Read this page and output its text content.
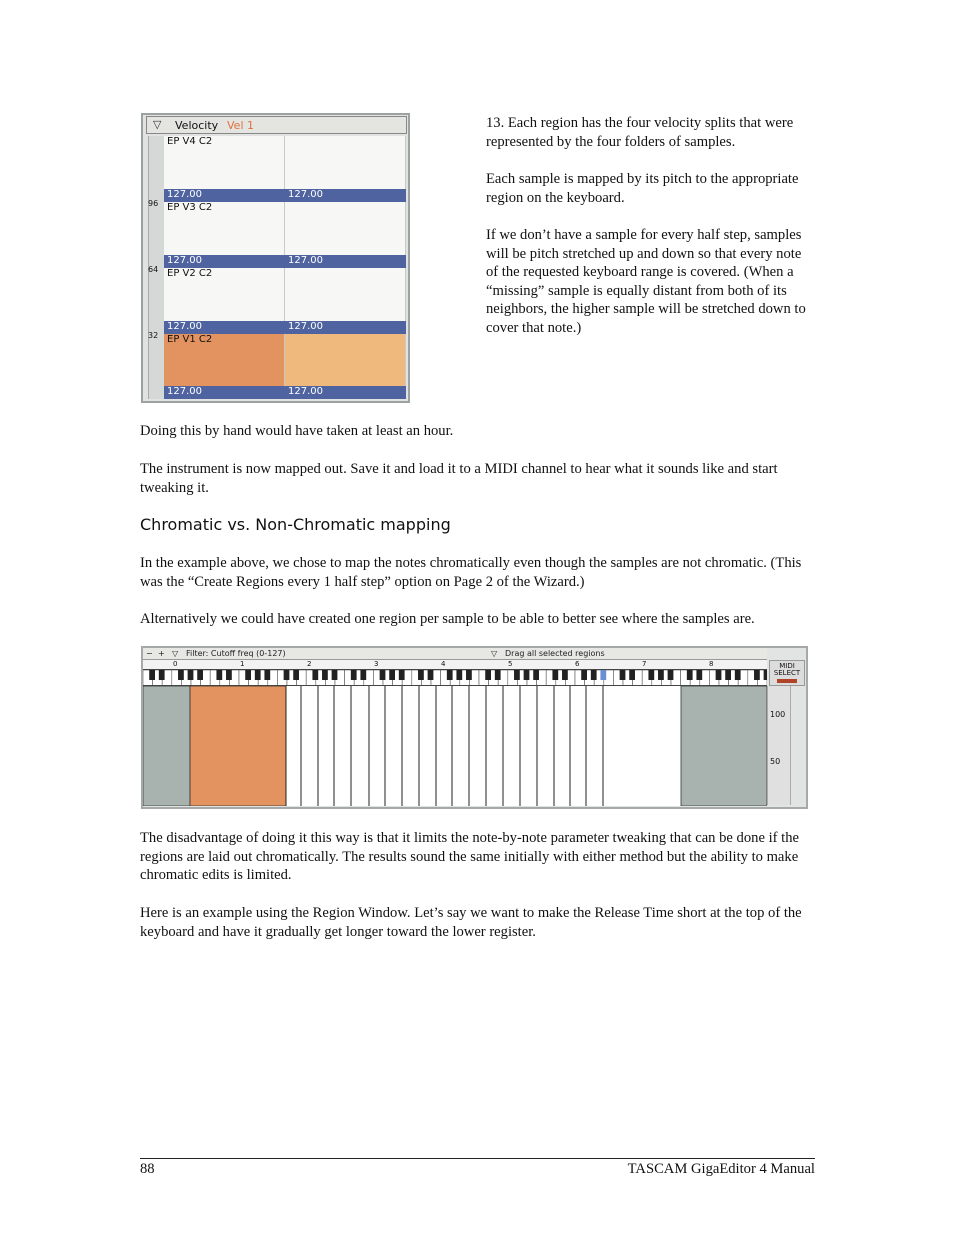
▽ Velocity Vel 1
96
64
32
EP V4 C2
127.00	127.00
EP V3 C2
127.00	127.00
EP V2 C2
127.00	127.00
EP V1 C2
127.00	127.00
13. Each region has the four velocity splits that were represented by the four folders of samples.
Each sample is mapped by its pitch to the appropriate region on the keyboard.
If we don’t have a sample for every half step, samples will be pitch stretched up and down so that every note of the requested keyboard range is covered. (When a “missing” sample is equally distant from both of its neighbors, the higher sample will be stretched down to cover that note.)
Doing this by hand would have taken at least an hour.
The instrument is now mapped out. Save it and load it to a MIDI channel to hear what it sounds like and start tweaking it.
Chromatic vs. Non-Chromatic mapping
In the example above, we chose to map the notes chromatically even though the samples are not chromatic. (This was the “Create Regions every 1 half step” option on Page 2 of the Wizard.)
Alternatively we could have created one region per sample to be able to better see where the samples are.
− + ▽ Filter: Cutoff freq (0-127)	▽ Drag all selected regions
0	1	2	3	4	5	6	7	8	MIDI SELECT
100
50
The disadvantage of doing it this way is that it limits the note-by-note parameter tweaking that can be done if the regions are laid out chromatically. The results sound the same initially with either method but the ability to make chromatic edits is limited.
Here is an example using the Region Window. Let’s say we want to make the Release Time short at the top of the keyboard and have it gradually get longer toward the lower register.
88	TASCAM GigaEditor 4 Manual
